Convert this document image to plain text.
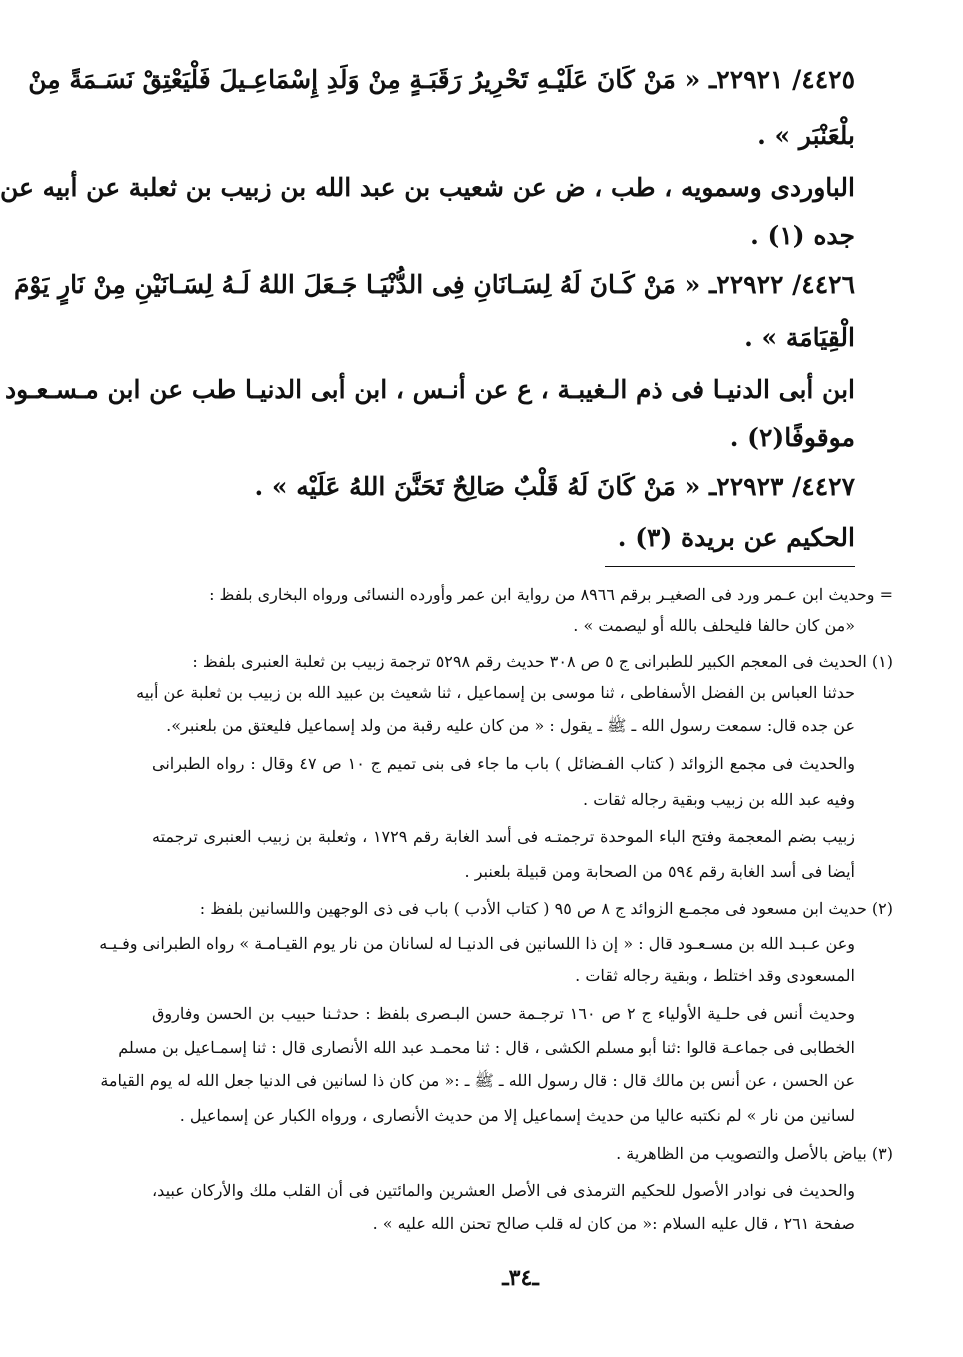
٤٤٢٥/ ٢٢٩٢١ـ « مَنْ كَانَ عَلَيْـهِ تَحْرِيرُ رَقَبَـةٍ مِنْ وَلَدِ إِسْمَاعِـيلَ فَلْيَعْتِقْ نَسَـمَةً مِنْ
بلْعَنْبَر » .
الباوردى وسمويه ، طب ، ض عن شعيب بن عبد الله بن زبيب بن ثعلبة عن أبيه عن
جده (١) .
٤٤٢٦/ ٢٢٩٢٢ـ « مَنْ كَـانَ لَهُ لِسَـانَانِ فِى الدُّنْيَـا جَـعَلَ اللهُ لَـهُ لِسَـانَيْنِ مِنْ نَارٍ يَوْمَ
الْقِيَامَة » .
ابن أبى الدنيـا فى ذم الـغيبـة ، ع عن أنـس ، ابن أبى الدنيـا طب عن ابن مـسـعـود
موقوفًا(٢) .
٤٤٢٧/ ٢٢٩٢٣ـ « مَنْ كَانَ لَهُ قَلْبٌ صَالِحٌ تَحَنَّنَ اللهُ عَلَيْه » .
الحكيم عن بريدة (٣) .
= وحديث ابن عـمر ورد فى الصغيـر برقم ٨٩٦٦ من رواية ابن عمر وأورده النسائى ورواه البخارى بلفظ :
«من كان حالفا فليحلف بالله أو ليصمت » .
(١) الحديث فى المعجم الكبير للطبرانى ج ٥ ص ٣٠٨ حديث رقم ٥٢٩٨ ترجمة زبيب بن ثعلبة العنبرى بلفظ :
حدثنا العباس بن الفضل الأسفاطى ، ثنا موسى بن إسماعيل ، ثنا شعيث بن عبيد الله بن زبيب بن ثعلبة عن أبيه
عن جده قال: سمعت رسول الله ـ ﷺ ـ يقول : « من كان عليه رقبة من ولد إسماعيل فليعتق من بلعنبر».
والحديث فى مجمع الزوائد ( كتاب الفـضائل ) باب ما جاء فى بنى تميم ج ١٠ ص ٤٧ وقال : رواه الطبرانى
وفيه عبد الله بن زبيب وبقية رجاله ثقات .
زبيب بضم المعجمة وفتح الباء الموحدة ترجمتـه فى أسد الغابة رقم ١٧٢٩ ، وثعلبة بن زبيب العنبرى ترجمته
أيضا فى أسد الغابة رقم ٥٩٤ من الصحابة ومن قبيلة بلعنبر .
(٢) حديث ابن مسعود فى مجمـع الزوائد ج ٨ ص ٩٥ ( كتاب الأدب ) باب فى ذى الوجهين واللسانين بلفظ :
وعن عـبـد الله بن مسـعـود قال : « إن ذا اللسانين فى الدنيـا له لسانان من نار يوم القيـامـة » رواه الطبرانى وفـيـه
المسعودى وقد اختلط ، وبقية رجاله ثقات .
وحديث أنس فى حلـية الأولياء ج ٢ ص ١٦٠ ترجـمة حسن البـصرى بلفظ : حدثـنا حبيب بن الحسن وفاروق
الخطابى فى جماعـة قالوا :ثنا أبو مسلم الكشى ، قال : ثنا محمـد عبد الله الأنصارى قال : ثنا إسمـاعيل بن مسلم
عن الحسن ، عن أنس بن مالك قال : قال رسول الله ـ ﷺ ـ :« من كان ذا لسانين فى الدنيا جعل الله له يوم القيامة
لسانين من نار » لم نكتبه عاليا من حديث إسماعيل إلا من حديث الأنصارى ، ورواه الكبار عن إسماعيل .
(٣) بياض بالأصل والتصويب من الظاهرية .
والحديث فى نوادر الأصول للحكيم الترمذى فى الأصل العشرين والمائتين فى أن القلب ملك والأركان عبيد،
صفحة ٢٦١ ، قال عليه السلام :« من كان له قلب صالح تحنن الله عليه » .
ـ٣٤ـ
